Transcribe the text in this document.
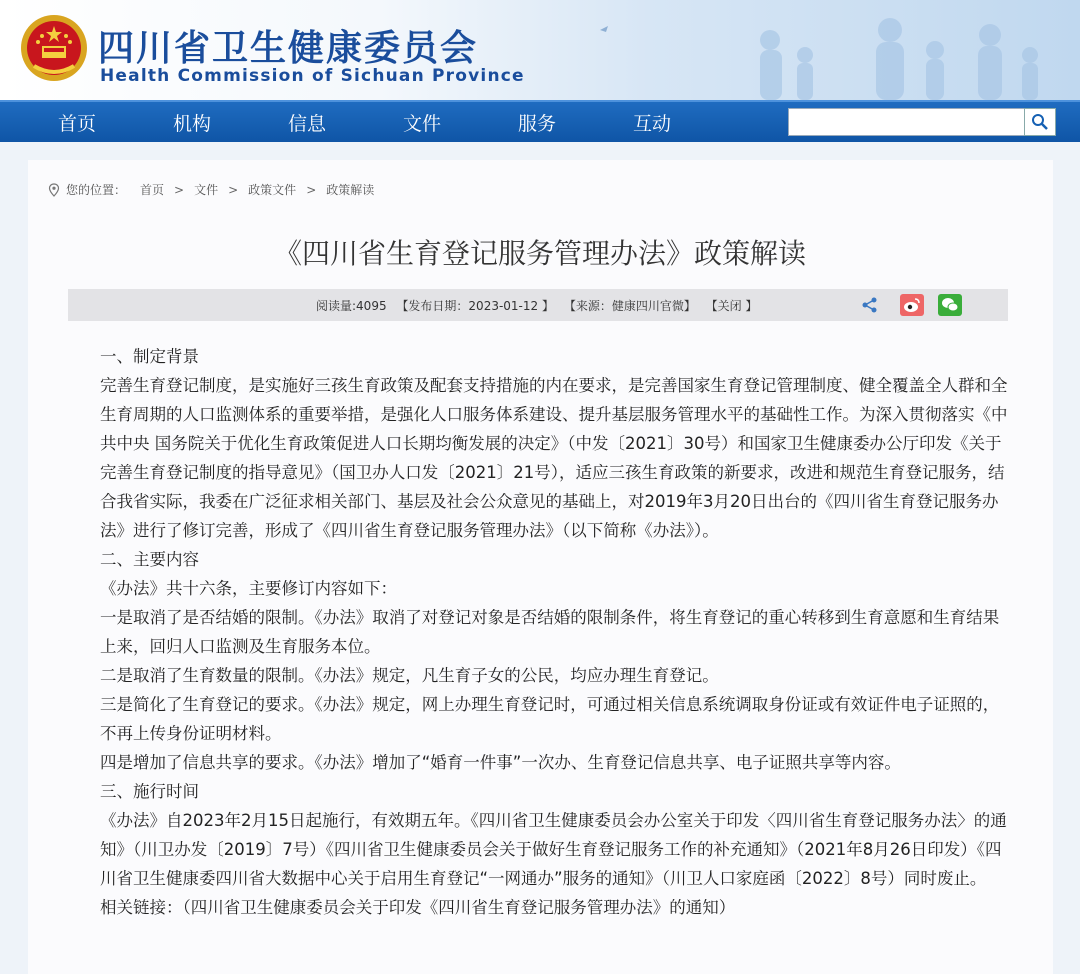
四川省卫生健康委员会
Health Commission of Sichuan Province
首页	机构	信息	文件	服务	互动
您的位置： 首页 > 文件 > 政策文件 > 政策解读
《四川省生育登记服务管理办法》政策解读
阅读量:4095 【发布日期：2023-01-12 】 【来源：健康四川官微】 【关闭 】

一、制定背景

完善生育登记制度，是实施好三孩生育政策及配套支持措施的内在要求，是完善国家生育登记管理制度、健全覆盖全人群和全生育周期的人口监测体系的重要举措，是强化人口服务体系建设、提升基层服务管理水平的基础性工作。为深入贯彻落实《中共中央 国务院关于优化生育政策促进人口长期均衡发展的决定》（中发〔2021〕30号）和国家卫生健康委办公厅印发《关于完善生育登记制度的指导意见》（国卫办人口发〔2021〕21号），适应三孩生育政策的新要求，改进和规范生育登记服务，结合我省实际，我委在广泛征求相关部门、基层及社会公众意见的基础上，对2019年3月20日出台的《四川省生育登记服务办法》进行了修订完善，形成了《四川省生育登记服务管理办法》（以下简称《办法》）。

二、主要内容

《办法》共十六条，主要修订内容如下：

一是取消了是否结婚的限制。《办法》取消了对登记对象是否结婚的限制条件，将生育登记的重心转移到生育意愿和生育结果上来，回归人口监测及生育服务本位。

二是取消了生育数量的限制。《办法》规定，凡生育子女的公民，均应办理生育登记。

三是简化了生育登记的要求。《办法》规定，网上办理生育登记时，可通过相关信息系统调取身份证或有效证件电子证照的，不再上传身份证明材料。

四是增加了信息共享的要求。《办法》增加了“婚育一件事”一次办、生育登记信息共享、电子证照共享等内容。

三、施行时间

《办法》自2023年2月15日起施行，有效期五年。《四川省卫生健康委员会办公室关于印发〈四川省生育登记服务办法〉的通知》（川卫办发〔2019〕7号）《四川省卫生健康委员会关于做好生育登记服务工作的补充通知》（2021年8月26日印发）《四川省卫生健康委四川省大数据中心关于启用生育登记“一网通办”服务的通知》（川卫人口家庭函〔2022〕8号）同时废止。

相关链接：（四川省卫生健康委员会关于印发《四川省生育登记服务管理办法》的通知）
